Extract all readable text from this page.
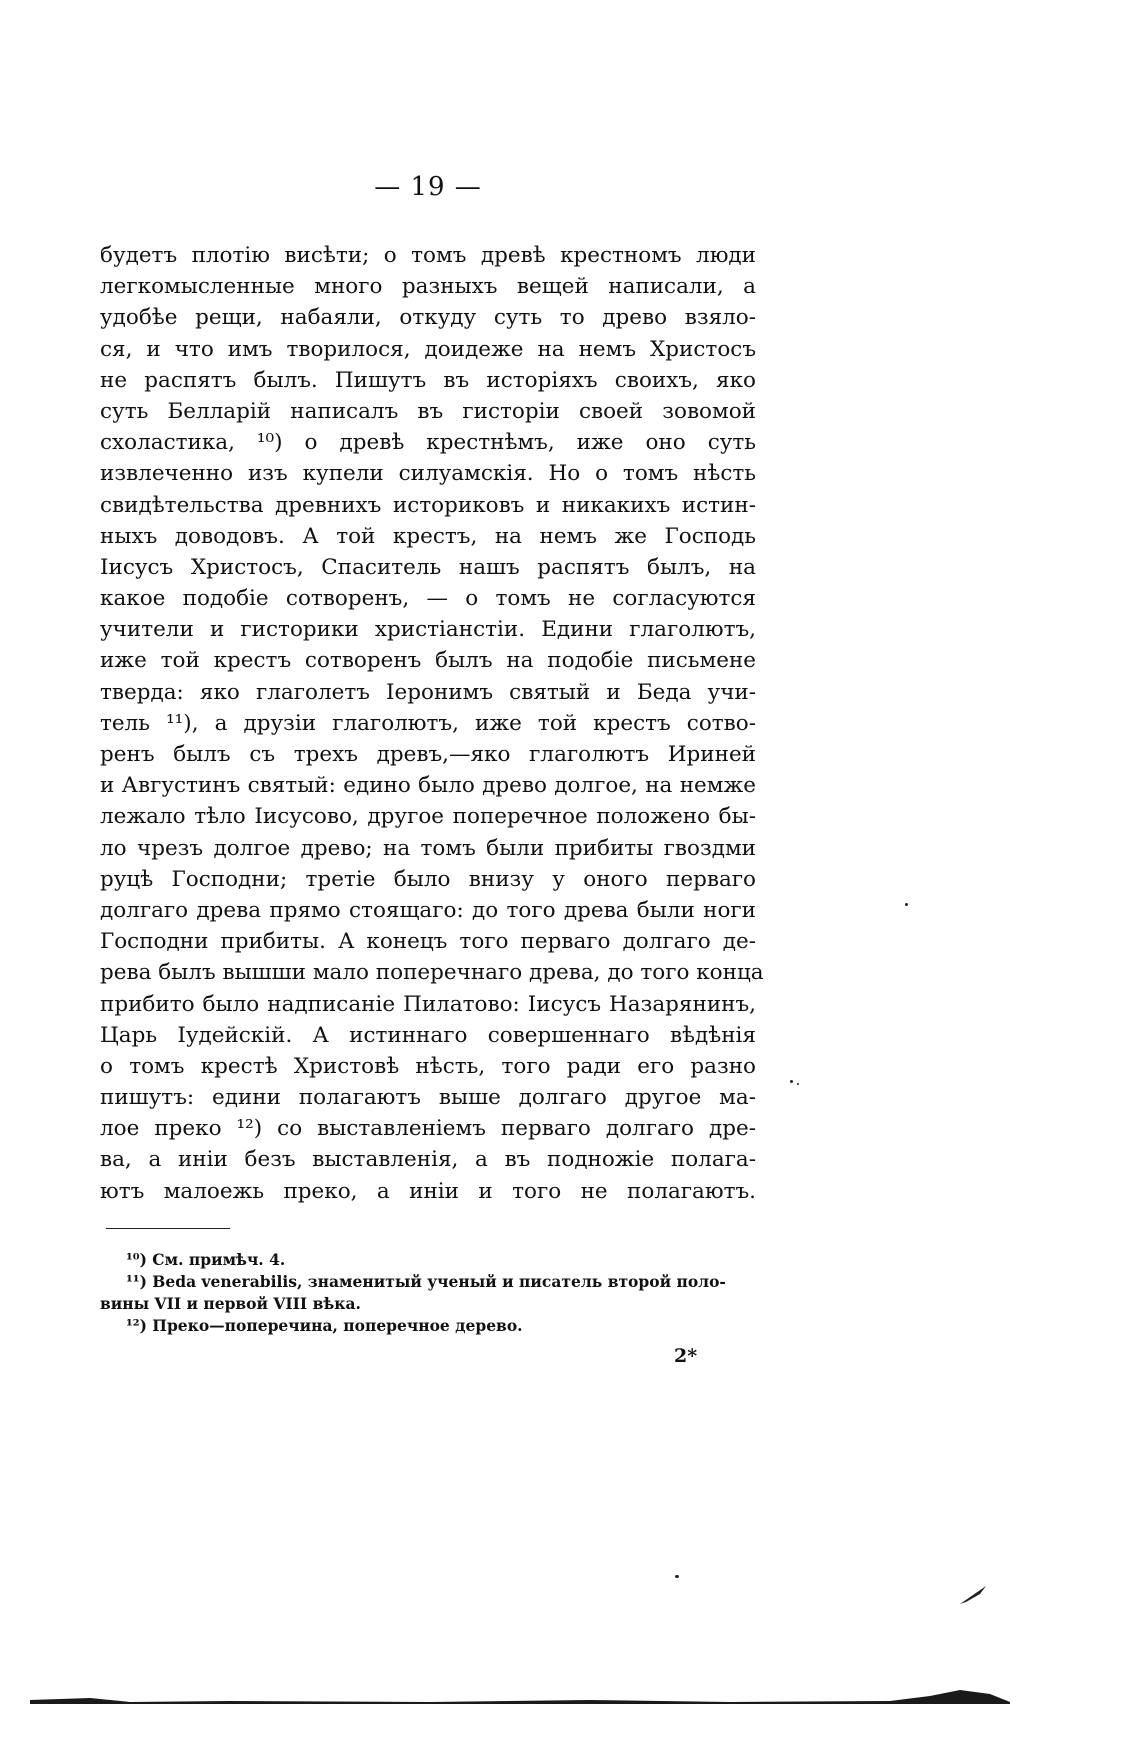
— 19 —
будетъ плотію висѣти; о томъ древѣ крестномъ люди
легкомысленные много разныхъ вещей написали, а
удобѣе рещи, набаяли, откуду суть то древо взяло-
ся, и что имъ творилося, доидеже на немъ Христосъ
не распятъ былъ. Пишутъ въ исторіяхъ своихъ, яко
суть Белларій написалъ въ гисторіи своей зовомой
схоластика, ¹⁰) о древѣ крестнѣмъ, иже оно суть
извлеченно изъ купели силуамскія. Но о томъ нѣсть
свидѣтельства древнихъ историковъ и никакихъ истин-
ныхъ доводовъ. А той крестъ, на немъ же Господь
Іисусъ Христосъ, Спаситель нашъ распятъ былъ, на
какое подобіе сотворенъ, — о томъ не согласуются
учители и гисторики христіанстіи. Едини глаголютъ,
иже той крестъ сотворенъ былъ на подобіе письмене
твердa: яко глаголетъ Іеронимъ святый и Беда учи-
тель ¹¹), а друзіи глаголютъ, иже той крестъ сотво-
ренъ былъ съ трехъ древъ,—яко глаголютъ Ириней
и Августинъ святый: едино было древо долгое, на немже
лежало тѣло Іисусово, другое поперечное положено бы-
ло чрезъ долгое древо; на томъ были прибиты гвоздми
руцѣ Господни; третіе было внизу у оного перваго
долгаго древа прямо стоящаго: до того древа были ноги
Господни прибиты. А конецъ того перваго долгаго де-
рева былъ вышши мало поперечнаго древа, до того конца
прибито было надписаніе Пилатово: Іисусъ Назарянинъ,
Царь Іудейскій. А истиннаго совершеннаго вѣдѣнія
о томъ крестѣ Христовѣ нѣсть, того ради его разно
пишутъ: едини полагаютъ выше долгаго другое ма-
лое преко ¹²) со выставленіемъ перваго долгаго дре-
ва, а иніи безъ выставленія, а въ подножіе полага-
ютъ малоежь преко, а иніи и того не полагаютъ.
¹⁰) См. примѣч. 4.
¹¹) Beda venerabilis, знаменитый ученый и писатель второй поло-
вины VII и первой VIII вѣка.
¹²) Преко—поперечина, поперечное дерево.
2*
